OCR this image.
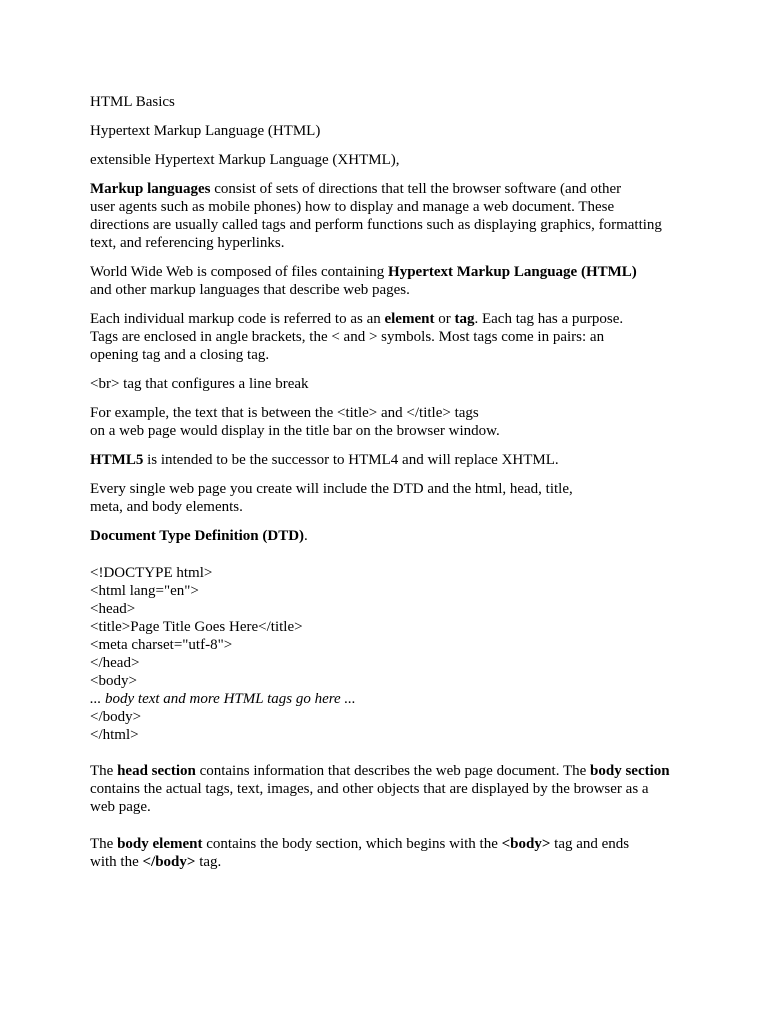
HTML Basics

Hypertext Markup Language (HTML)

extensible Hypertext Markup Language (XHTML),

Markup languages consist of sets of directions that tell the browser software (and other
user agents such as mobile phones) how to display and manage a web document. These
directions are usually called tags and perform functions such as displaying graphics, formatting
text, and referencing hyperlinks.
World Wide Web is composed of files containing Hypertext Markup Language (HTML)
and other markup languages that describe web pages.
Each individual markup code is referred to as an element or tag. Each tag has a purpose.
Tags are enclosed in angle brackets, the < and > symbols. Most tags come in pairs: an
opening tag and a closing tag.

<br> tag that configures a line break

For example, the text that is between the <title> and </title> tags
on a web page would display in the title bar on the browser window.

HTML5 is intended to be the successor to HTML4 and will replace XHTML.

Every single web page you create will include the DTD and the html, head, title,
meta, and body elements.

Document Type Definition (DTD).

<!DOCTYPE html>
<html lang="en">
<head>
<title>Page Title Goes Here</title>
<meta charset="utf-8">
</head>
<body>
... body text and more HTML tags go here ...
</body>
</html>
The head section contains information that describes the web page document. The body section
contains the actual tags, text, images, and other objects that are displayed by the browser as a
web page.
The body element contains the body section, which begins with the <body> tag and ends
with the </body> tag.
